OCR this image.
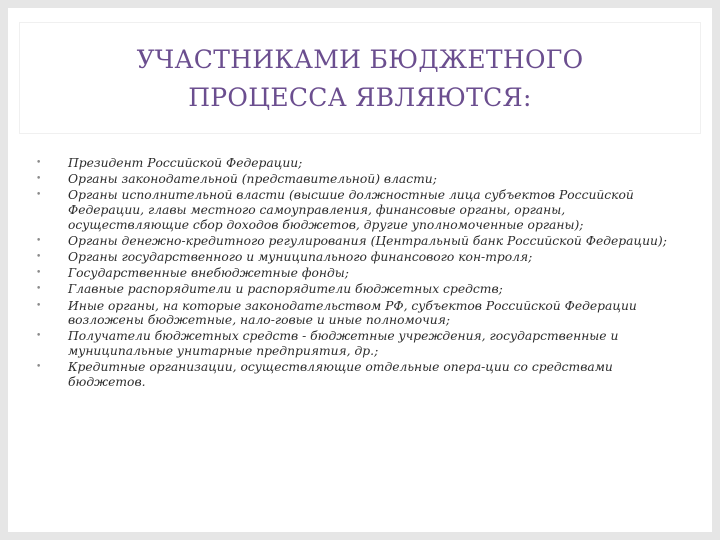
УЧАСТНИКАМИ БЮДЖЕТНОГО
ПРОЦЕССА ЯВЛЯЮТСЯ:
• Президент Российской Федерации;
• Органы законодательной (представительной) власти;
• Органы исполнительной власти (высшие должностные лица субъектов Российской Федерации, главы местного самоуправления, финансовые органы, органы, осуществляющие сбор доходов бюджетов, другие уполномоченные органы);
• Органы денежно-кредитного регулирования (Центральный банк Российской Федерации);
• Органы государственного и муниципального финансового кон-троля;
• Государственные внебюджетные фонды;
• Главные распорядители и распорядители бюджетных средств;
• Иные органы, на которые законодательством РФ, субъектов Российской Федерации возложены бюджетные, нало-говые и иные полномочия;
• Получатели бюджетных средств - бюджетные учреждения, государственные и муниципальные унитарные предприятия, др.;
• Кредитные организации, осуществляющие отдельные опера-ции со средствами бюджетов.
